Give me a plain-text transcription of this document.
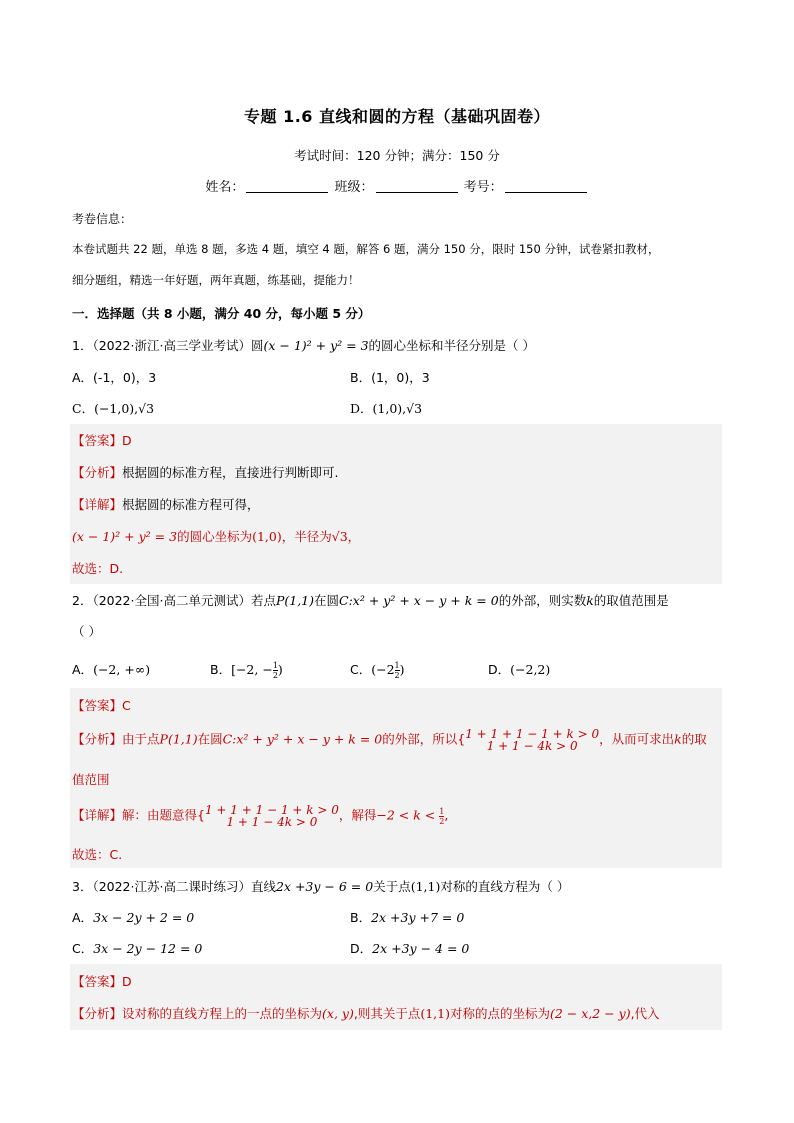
专题 1.6 直线和圆的方程（基础巩固卷）
考试时间：120 分钟；满分：150 分
姓名：	班级：	考号：
考卷信息：
本卷试题共 22 题，单选 8 题，多选 4 题，填空 4 题，解答 6 题，满分 150 分，限时 150 分钟，试卷紧扣教材，
细分题组，精选一年好题，两年真题，练基础，提能力！
一．选择题（共 8 小题，满分 40 分，每小题 5 分）
1．（2022·浙江·高三学业考试）圆(x − 1)² + y² = 3的圆心坐标和半径分别是（ ）
A．(-1，0)，3	B．(1，0)，3
C．(−1,0),√3	D．(1,0),√3
【答案】D
【分析】根据圆的标准方程，直接进行判断即可.
【详解】根据圆的标准方程可得，
(x − 1)² + y² = 3的圆心坐标为(1,0)，半径为√3，
故选：D.
2．（2022·全国·高二单元测试）若点P(1,1)在圆C:x² + y² + x − y + k = 0的外部，则实数k的取值范围是
（ ）
A．(−2, +∞)	B．[−2, − $\frac{1}{2}$ )	C．($-2 \frac{1}{2}$ )	D．(−2,2)
【答案】C
【分析】由于点P(1,1)在圆C:x² + y² + x − y + k = 0的外部，所以{ 1 + 1 + 1 − 1 + k > 0
1 + 1 − 4k > 0	，从而可求出k的取
值范围
【详解】解：由题意得{ 1 + 1 + 1 − 1 + k > 0
1 + 1 − 4k > 0	，解得$-2 < k < \frac{1}{2}$ ,
故选：C.
3．（2022·江苏·高二课时练习）直线2x +3y − 6 = 0关于点(1,1)对称的直线方程为（ ）
A．3x − 2y + 2 = 0	B．2x +3y +7 = 0
C．3x − 2y − 12 = 0	D．2x +3y − 4 = 0
【答案】D
【分析】设对称的直线方程上的一点的坐标为(x, y),则其关于点(1,1)对称的点的坐标为(2 − x,2 − y),代入
